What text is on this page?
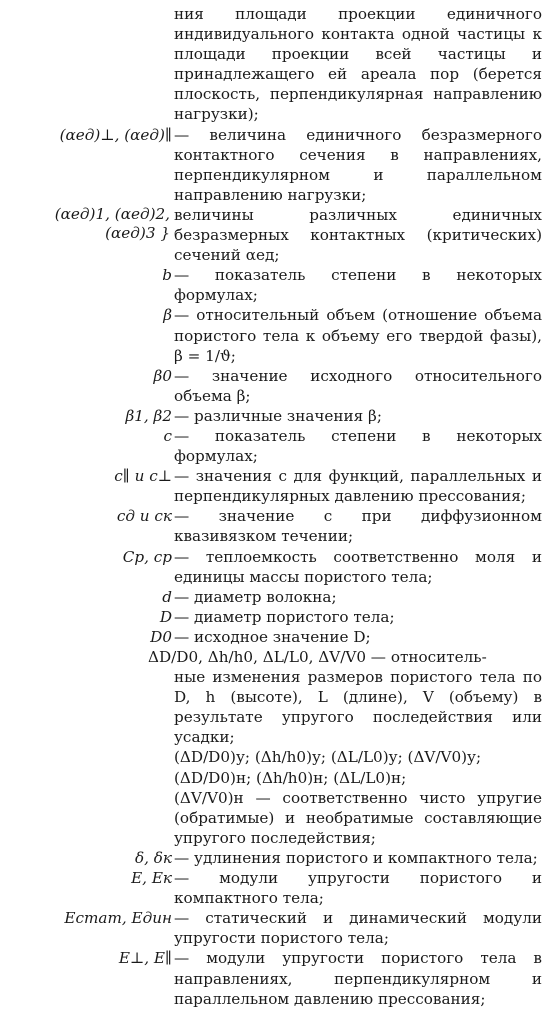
ния площади проекции единичного индивидуального контакта одной частицы к площади проекции всей частицы и принадлежащего ей ареала пор (берется плоскость, перпендикулярная направлению нагрузки);
(αед)⊥, (αед)∥ — величина единичного безразмерного контактного сечения в направлениях, перпендикулярном и параллельном направлению нагрузки;
(αед)1, (αед)2, (αед)3 }
величины различных единичных безразмерных контактных (критических) сечений αед;
b — показатель степени в некоторых формулах;
β — относительный объем (отношение объема пористого тела к объему его твердой фазы), β = 1/ϑ;
β0 — значение исходного относительного объема β;
β1, β2 — различные значения β;
c — показатель степени в некоторых формулах;
c∥ и c⊥ — значения c для функций, параллельных и перпендикулярных давлению прессования;
cд и cк — значение c при диффузионном квазивязком течении;
Cp, cp — теплоемкость соответственно моля и единицы массы пористого тела;
d — диаметр волокна;
D — диаметр пористого тела;
D0 — исходное значение D;
ΔD/D0, Δh/h0, ΔL/L0, ΔV/V0 — относитель-
ные изменения размеров пористого тела по D, h (высоте), L (длине), V (объему) в результате упругого последействия или усадки;
(ΔD/D0)у; (Δh/h0)у; (ΔL/L0)у; (ΔV/V0)у;
(ΔD/D0)н; (Δh/h0)н; (ΔL/L0)н;
(ΔV/V0)н — соответственно чисто упругие (обратимые) и необратимые составляющие упругого последействия;
δ, δк — удлинения пористого и компактного тела;
E, Eк — модули упругости пористого и компактного тела;
Eстат, Eдин — статический и динамический модули упругости пористого тела;
E⊥, E∥ — модули упругости пористого тела в направлениях, перпендикулярном и параллельном давлению прессования;
